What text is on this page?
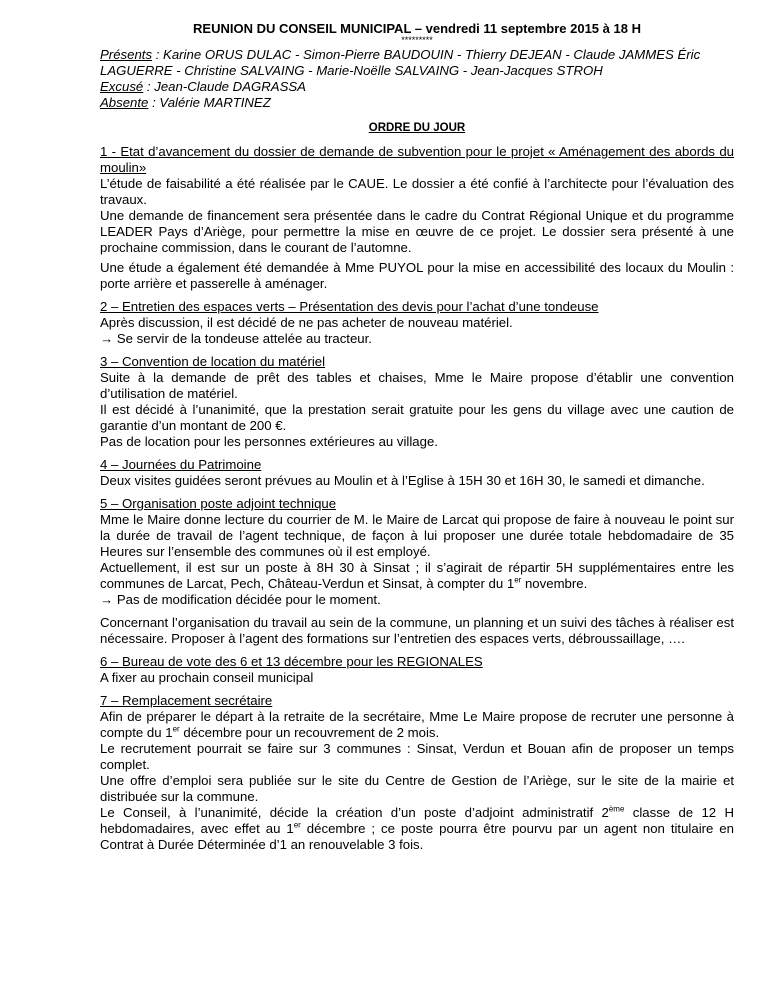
REUNION DU CONSEIL MUNICIPAL – vendredi 11 septembre 2015 à 18 H
*********
Présents : Karine ORUS DULAC - Simon-Pierre BAUDOUIN - Thierry DEJEAN - Claude JAMMES Éric LAGUERRE - Christine SALVAING - Marie-Noëlle SALVAING - Jean-Jacques STROH
Excusé : Jean-Claude DAGRASSA
Absente : Valérie MARTINEZ
ORDRE DU JOUR
1 - Etat d’avancement du dossier de demande de subvention pour le projet « Aménagement des abords du moulin»

L’étude de faisabilité a été réalisée par le CAUE. Le dossier a été confié à l’architecte pour l’évaluation des travaux.

Une demande de financement sera présentée dans le cadre du Contrat Régional Unique et du programme LEADER Pays d’Ariège, pour permettre la mise en œuvre de ce projet. Le dossier sera présenté à une prochaine commission, dans le courant de l’automne.

Une étude a également été demandée à Mme PUYOL pour la mise en accessibilité des locaux du Moulin : porte arrière et passerelle à aménager.

2 – Entretien des espaces verts – Présentation des devis pour l’achat d’une tondeuse

Après discussion, il est décidé de ne pas acheter de nouveau matériel.

→ Se servir de la tondeuse attelée au tracteur.

3 – Convention de location du matériel

Suite à la demande de prêt des tables et chaises, Mme le Maire propose d’établir une convention d’utilisation de matériel.

Il est décidé à l’unanimité, que la prestation serait gratuite pour les gens du village avec une caution de garantie d’un montant de 200 €.

Pas de location pour les personnes extérieures au village.

4 – Journées du Patrimoine

Deux visites guidées seront prévues au Moulin et à l’Eglise à 15H 30 et 16H 30, le samedi et dimanche.

5 – Organisation poste adjoint technique

Mme le Maire donne lecture du courrier de M. le Maire de Larcat qui propose de faire à nouveau le point sur la durée de travail de l’agent technique, de façon à lui proposer une durée totale hebdomadaire de 35 Heures sur l’ensemble des communes où il est employé.

Actuellement, il est sur un poste à 8H 30 à Sinsat ; il s’agirait de répartir 5H supplémentaires entre les communes de Larcat, Pech, Château-Verdun et Sinsat, à compter du 1er novembre.

→ Pas de modification décidée pour le moment.

Concernant l’organisation du travail au sein de la commune, un planning et un suivi des tâches à réaliser est nécessaire. Proposer à l’agent des formations sur l’entretien des espaces verts, débroussaillage, ….

6 – Bureau de vote des 6 et 13 décembre pour les REGIONALES

A fixer au prochain conseil municipal

7 – Remplacement secrétaire

Afin de préparer le départ à la retraite de la secrétaire, Mme Le Maire propose de recruter une personne à compte du 1er décembre pour un recouvrement de 2 mois.

Le recrutement pourrait se faire sur 3 communes : Sinsat, Verdun et Bouan afin de proposer un temps complet.

Une offre d’emploi sera publiée sur le site du Centre de Gestion de l’Ariège, sur le site de la mairie et distribuée sur la commune.

Le Conseil, à l’unanimité, décide la création d’un poste d’adjoint administratif 2ème classe de 12 H hebdomadaires, avec effet au 1er décembre ; ce poste pourra être pourvu par un agent non titulaire en Contrat à Durée Déterminée d’1 an renouvelable 3 fois.
